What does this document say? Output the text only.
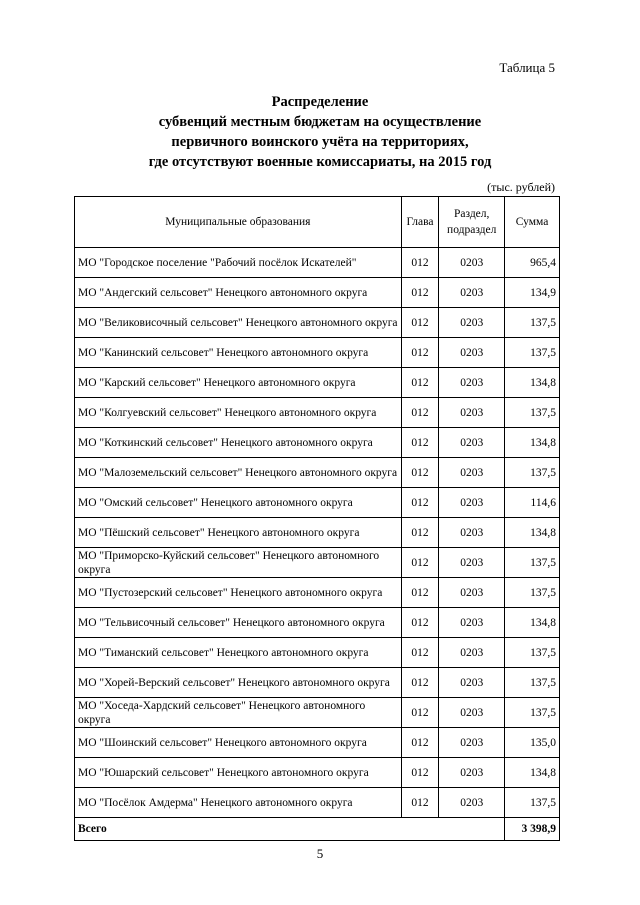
Таблица 5
Распределение
субвенций местным бюджетам на осуществление
первичного воинского учёта на территориях,
где отсутствуют военные комиссариаты, на 2015 год
(тыс. рублей)
Муниципальные образования	Глава	Раздел, подраздел	Сумма
МО "Городское поселение "Рабочий посёлок Искателей"	012	0203	965,4
МО "Андегский сельсовет" Ненецкого автономного округа	012	0203	134,9
МО "Великовисочный сельсовет" Ненецкого автономного округа	012	0203	137,5
МО "Канинский сельсовет" Ненецкого автономного округа	012	0203	137,5
МО "Карский сельсовет" Ненецкого автономного округа	012	0203	134,8
МО "Колгуевский сельсовет" Ненецкого автономного округа	012	0203	137,5
МО "Коткинский сельсовет" Ненецкого автономного округа	012	0203	134,8
МО "Малоземельский сельсовет" Ненецкого автономного округа	012	0203	137,5
МО "Омский сельсовет" Ненецкого автономного округа	012	0203	114,6
МО "Пёшский сельсовет" Ненецкого автономного округа	012	0203	134,8
МО "Приморско-Куйский сельсовет" Ненецкого автономного округа	012	0203	137,5
МО "Пустозерский сельсовет" Ненецкого автономного округа	012	0203	137,5
МО "Тельвисочный сельсовет" Ненецкого автономного округа	012	0203	134,8
МО "Тиманский сельсовет" Ненецкого автономного округа	012	0203	137,5
МО "Хорей-Верский сельсовет" Ненецкого автономного округа	012	0203	137,5
МО "Хоседа-Хардский сельсовет" Ненецкого автономного округа	012	0203	137,5
МО "Шоинский сельсовет" Ненецкого автономного округа	012	0203	135,0
МО "Юшарский сельсовет" Ненецкого автономного округа	012	0203	134,8
МО "Посёлок Амдерма" Ненецкого автономного округа	012	0203	137,5
Всего			3 398,9
5
